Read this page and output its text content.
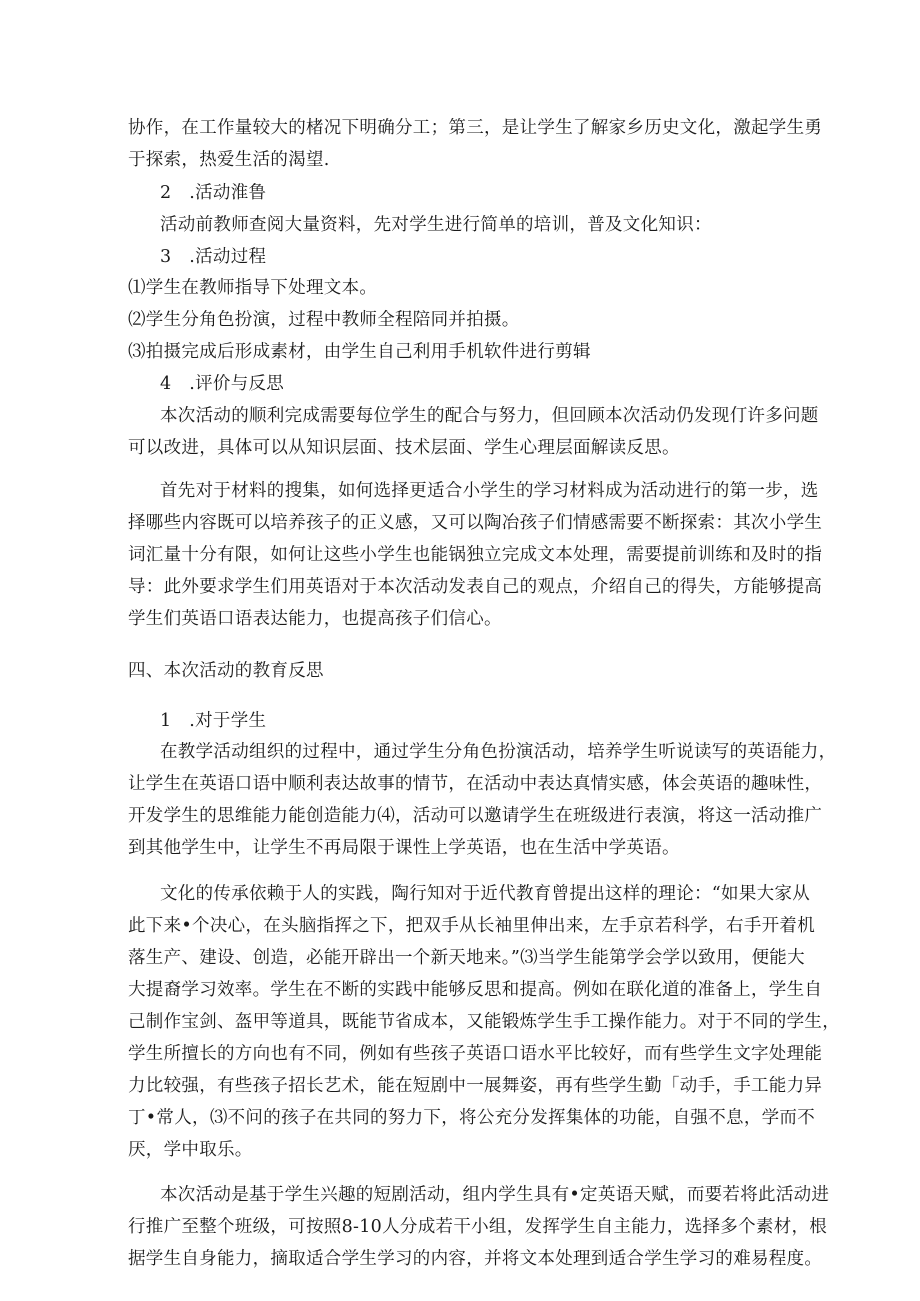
协作，在工作量较大的楮况下明确分工；第三，是让学生了解家乡历史文化，激起学生勇
于探索，热爱生活的渴望.
2　.活动淮鲁
活动前教师查阅大量资料，先对学生进行简单的培训，普及文化知识：
3　.活动过程
⑴学生在教师指导下处理文本。
⑵学生分角色扮演，过程中教师全程陪同并拍摄。
⑶拍摄完成后形成素材，由学生自己利用手机软件进行剪辑
4　.评价与反思
本次活动的顺利完成需要每位学生的配合与努力，但回顾本次活动仍发现仃许多问题
可以改进，具体可以从知识层面、技术层面、学生心理层面解读反思。
首先对于材料的搜集，如何选择更适合小学生的学习材料成为活动进行的第一步，选
择哪些内容既可以培养孩子的正义感，又可以陶冶孩子们情感需要不断探索：其次小学生
词汇量十分有限，如何让这些小学生也能锅独立完成文本处理，需要提前训练和及时的指
导：此外要求学生们用英语对于本次活动发表自己的观点，介绍自己的得失，方能够提高
学生们英语口语表达能力，也提高孩子们信心。
四、本次活动的教育反思
1　.对于学生
在教学活动组织的过程中，通过学生分角色扮演活动，培养学生听说读写的英语能力，
让学生在英语口语中顺利表达故事的情节，在活动中表达真情实感，体会英语的趣味性，
开发学生的思维能力能创造能力⑷，活动可以邀请学生在班级进行表演，将这一活动推广
到其他学生中，让学生不再局限于课性上学英语，也在生活中学英语。
文化的传承依赖于人的实践，陶行知对于近代教育曾提出这样的理论：“如果大家从
此下来•个决心，在头脑指挥之下，把双手从长袖里伸出来，左手京若科学，右手开着机
落生产、建设、创造，必能开辟出一个新天地来。”⑶当学生能第学会学以致用，便能大
大提裔学习效率。学生在不断的实践中能够反思和提高。例如在联化道的准备上，学生自
己制作宝剑、盔甲等道具，既能节省成本，又能锻炼学生手工操作能力。对于不同的学生，
学生所擅长的方向也有不同，例如有些孩子英语口语水平比较好，而有些学生文字处理能
力比较强，有些孩子招长艺术，能在短剧中一展舞姿，再有些学生勤「动手，手工能力异
丁•常人，⑶不问的孩子在共同的努力下，将公充分发挥集体的功能，自强不息，学而不
厌，学中取乐。
本次活动是基于学生兴趣的短剧活动，组内学生具有•定英语天赋，而要若将此活动进
行推广至整个班级，可按照8-10人分成若干小组，发挥学生自主能力，选择多个素材，根
据学生自身能力，摘取适合学生学习的内容，并将文本处理到适合学生学习的难易程度。
